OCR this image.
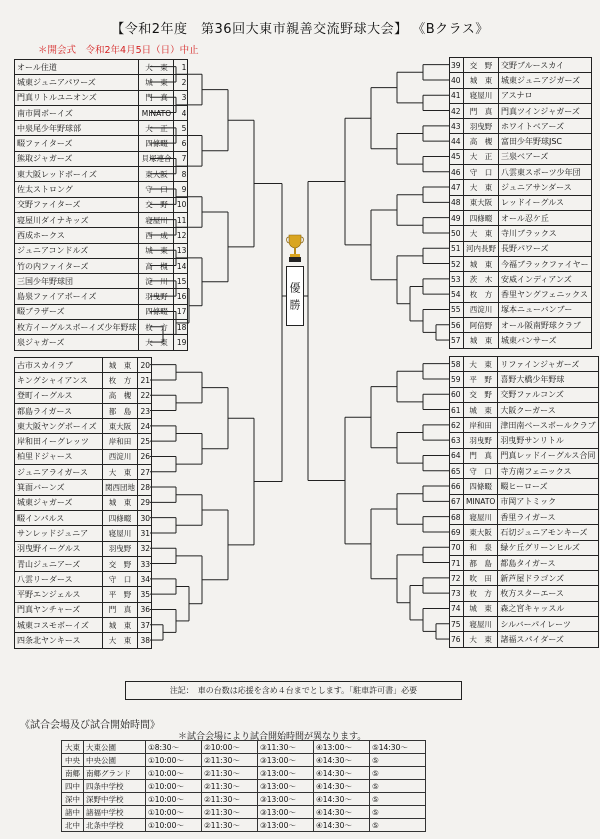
【令和2年度　第36回大東市親善交流野球大会】 《Bクラス》
＊開会式　令和2年4月5日（日）中止
オール住道	大　東	1
城東ジュニアパワーズ	城　東	2
門真リトルユニオンズ	門　真	3
南市岡ボーイズ	MINATO	4
中泉尾少年野球部	大　正	5
畷ファイターズ	四條畷	6
熊取ジャガーズ	貝塚連合	7
東大阪レッドボーイズ	東大阪	8
佐太ストロング	守　口	9
交野ファイターズ	交　野	10
寝屋川ダイナキッズ	寝屋川	11
西成ホークス	西　成	12
ジュニアコンドルズ	城　東	13
竹の内ファイターズ	高　槻	14
三国少年野球団	淀　川	15
島泉ファイアボーイズ	羽曳野	16
畷ブラザーズ	四條畷	17
枚方イーグルスボーイズ少年野球	枚　方	18
泉ジャガーズ	大　東	19
古市スカイラブ	城　東	20
キングシャイアンス	枚　方	21
登町イーグルス	高　槻	22
都島ライガース	都　島	23
東大阪ヤングボーイズ	東大阪	24
岸和田イーグレッツ	岸和田	25
柏里ドジャース	西淀川	26
ジュニアライガース	大　東	27
箕面バーンズ	関西団地	28
城東ジャガーズ	城　東	29
畷インパルス	四條畷	30
サンレッドジュニア	寝屋川	31
羽曳野イーグルス	羽曳野	32
青山ジュニアーズ	交　野	33
八雲リーダース	守　口	34
平野エンジェルス	平　野	35
門真ヤンチャーズ	門　真	36
城東コスモボーイズ	城　東	37
四条北ヤンキース	大　東	38
39	交　野	交野ブルースカイ
40	城　東	城東ジュニアジガーズ
41	寝屋川	アスナロ
42	門　真	門真ツインジャガーズ
43	羽曳野	ホワイトベアーズ
44	高　槻	富田少年野球JSC
45	大　正	三泉ベアーズ
46	守　口	八雲東スポーツ少年団
47	大　東	ジュニアサンダース
48	東大阪	レッドイーグルス
49	四條畷	オール忍ケ丘
50	大　東	寺川ブラックス
51	河内長野	長野パワーズ
52	城　東	今福ブラックファイヤー
53	茨　木	安威インディアンズ
54	枚　方	香里ヤングフェニックス
55	西淀川	塚本ニューバンブー
56	阿倍野	オール阪南野球クラブ
57	城　東	城東バンサーズ
58	大　東	リファインジャガーズ
59	平　野	喜野大橋少年野球
60	交　野	交野ファルコンズ
61	城　東	大阪クーガース
62	岸和田	津田南ベースボールクラブ
63	羽曳野	羽曳野サンリトル
64	門　真	門真レッドイーグルス合同
65	守　口	寺方南フェニックス
66	四條畷	畷ヒーローズ
67	MINATO	市岡アトミック
68	寝屋川	香里ライガース
69	東大阪	石切ジュニアモンキーズ
70	和　泉	緑ケ丘グリーンヒルズ
71	都　島	都島タイガース
72	吹　田	新芦屋ドラゴンズ
73	枚　方	枚方スターエース
74	城　東	森之宮キャッスル
75	寝屋川	シルバーパイレーツ
76	大　東	諸福スパイダーズ
優勝
注記：　車の台数は応援を含め４台までとします。「駐車許可書」必要
《試合会場及び試合開始時間》
＊試合会場により試合開始時間が異なります。
大東	大東公園	①8:30～	②10:00～	③11:30～	④13:00～	⑤14:30～
中央	中央公園	①10:00～	②11:30～	③13:00～	④14:30～	⑤
南郷	南郷グランド	①10:00～	②11:30～	③13:00～	④14:30～	⑤
四中	四条中学校	①10:00～	②11:30～	③13:00～	④14:30～	⑤
深中	深野中学校	①10:00～	②11:30～	③13:00～	④14:30～	⑤
諸中	諸福中学校	①10:00～	②11:30～	③13:00～	④14:30～	⑤
北中	北条中学校	①10:00～	②11:30～	③13:00～	④14:30～	⑤
